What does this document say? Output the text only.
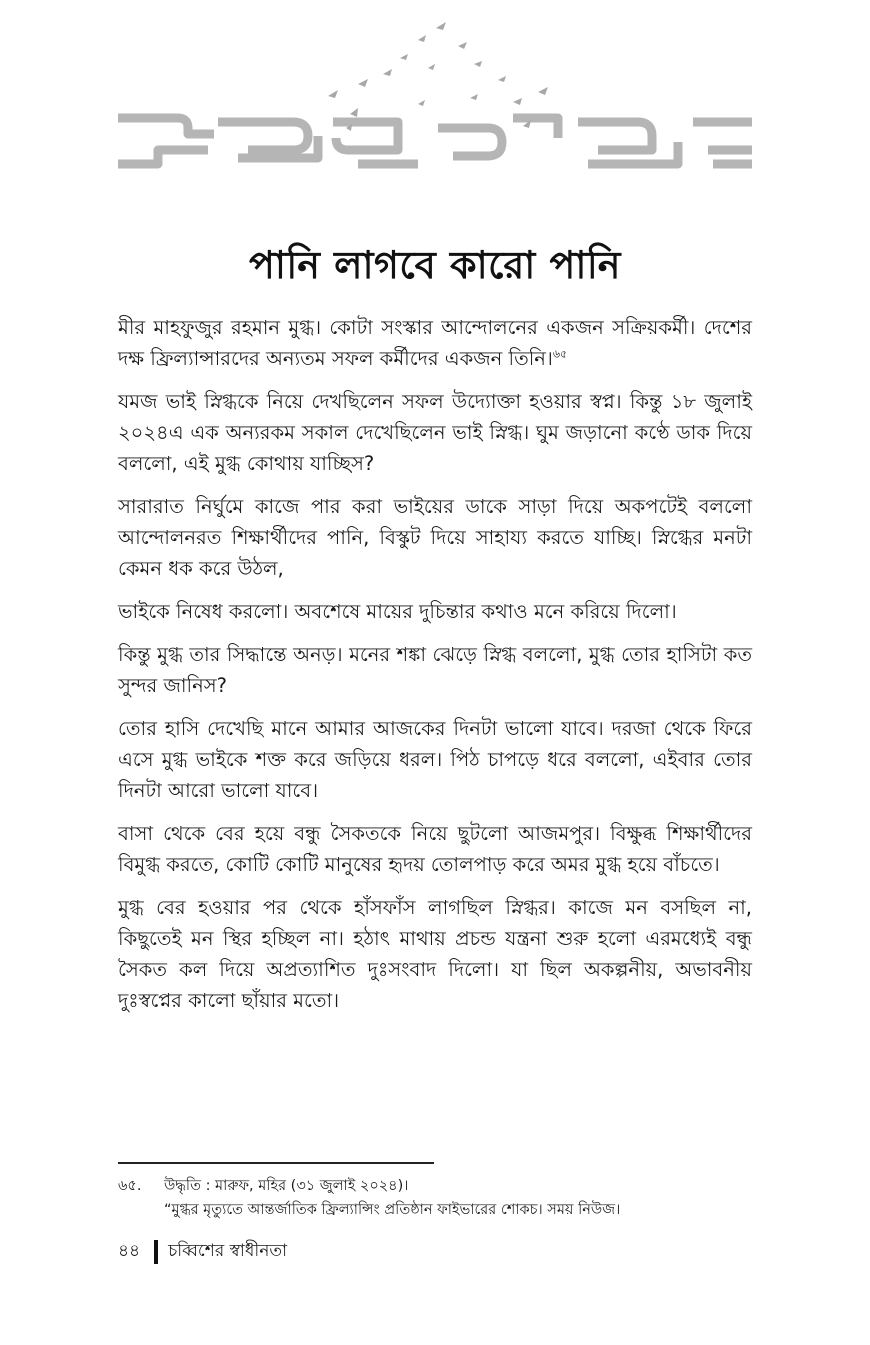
পানি লাগবে কারো পানি

মীর মাহফুজুর রহমান মুগ্ধ। কোটা সংস্কার আন্দোলনের একজন সক্রিয়কর্মী। দেশের দক্ষ ফ্রিল্যান্সারদের অন্যতম সফল কর্মীদের একজন তিনি।$^{৬৫}$

যমজ ভাই স্নিগ্ধকে নিয়ে দেখছিলেন সফল উদ্যোক্তা হওয়ার স্বপ্ন। কিন্তু ১৮ জুলাই ২০২৪এ এক অন্যরকম সকাল দেখেছিলেন ভাই স্নিগ্ধ। ঘুম জড়ানো কণ্ঠে ডাক দিয়ে বললো, এই মুগ্ধ কোথায় যাচ্ছিস?

সারারাত নির্ঘুমে কাজে পার করা ভাইয়ের ডাকে সাড়া দিয়ে অকপটেই বললো আন্দোলনরত শিক্ষার্থীদের পানি, বিস্কুট দিয়ে সাহায্য করতে যাচ্ছি। স্নিগ্ধের মনটা কেমন ধক করে উঠল,

ভাইকে নিষেধ করলো। অবশেষে মায়ের দুচিন্তার কথাও মনে করিয়ে দিলো।

কিন্তু মুগ্ধ তার সিদ্ধান্তে অনড়। মনের শঙ্কা ঝেড়ে স্নিগ্ধ বললো, মুগ্ধ তোর হাসিটা কত সুন্দর জানিস?

তোর হাসি দেখেছি মানে আমার আজকের দিনটা ভালো যাবে। দরজা থেকে ফিরে এসে মুগ্ধ ভাইকে শক্ত করে জড়িয়ে ধরল। পিঠ চাপড়ে ধরে বললো, এইবার তোর দিনটা আরো ভালো যাবে।

বাসা থেকে বের হয়ে বন্ধু সৈকতকে নিয়ে ছুটলো আজমপুর। বিক্ষুব্ধ শিক্ষার্থীদের বিমুগ্ধ করতে, কোটি কোটি মানুষের হৃদয় তোলপাড় করে অমর মুগ্ধ হয়ে বাঁচতে।

মুগ্ধ বের হওয়ার পর থেকে হাঁসফাঁস লাগছিল স্নিগ্ধর। কাজে মন বসছিল না, কিছুতেই মন স্থির হচ্ছিল না। হঠাৎ মাথায় প্রচন্ড যন্ত্রনা শুরু হলো এরমধ্যেই বন্ধু সৈকত কল দিয়ে অপ্রত্যাশিত দুঃসংবাদ দিলো। যা ছিল অকল্পনীয়, অভাবনীয় দুঃস্বপ্নের কালো ছাঁয়ার মতো।

৬৫.	উদ্ধৃতি : মারুফ, মহির (৩১ জুলাই ২০২৪)।
“মুগ্ধর মৃত্যুতে আন্তর্জাতিক ফ্রিল্যান্সিং প্রতিষ্ঠান ফাইভারের শোকচ। সময় নিউজ।
৪৪ চব্বিশের স্বাধীনতা
